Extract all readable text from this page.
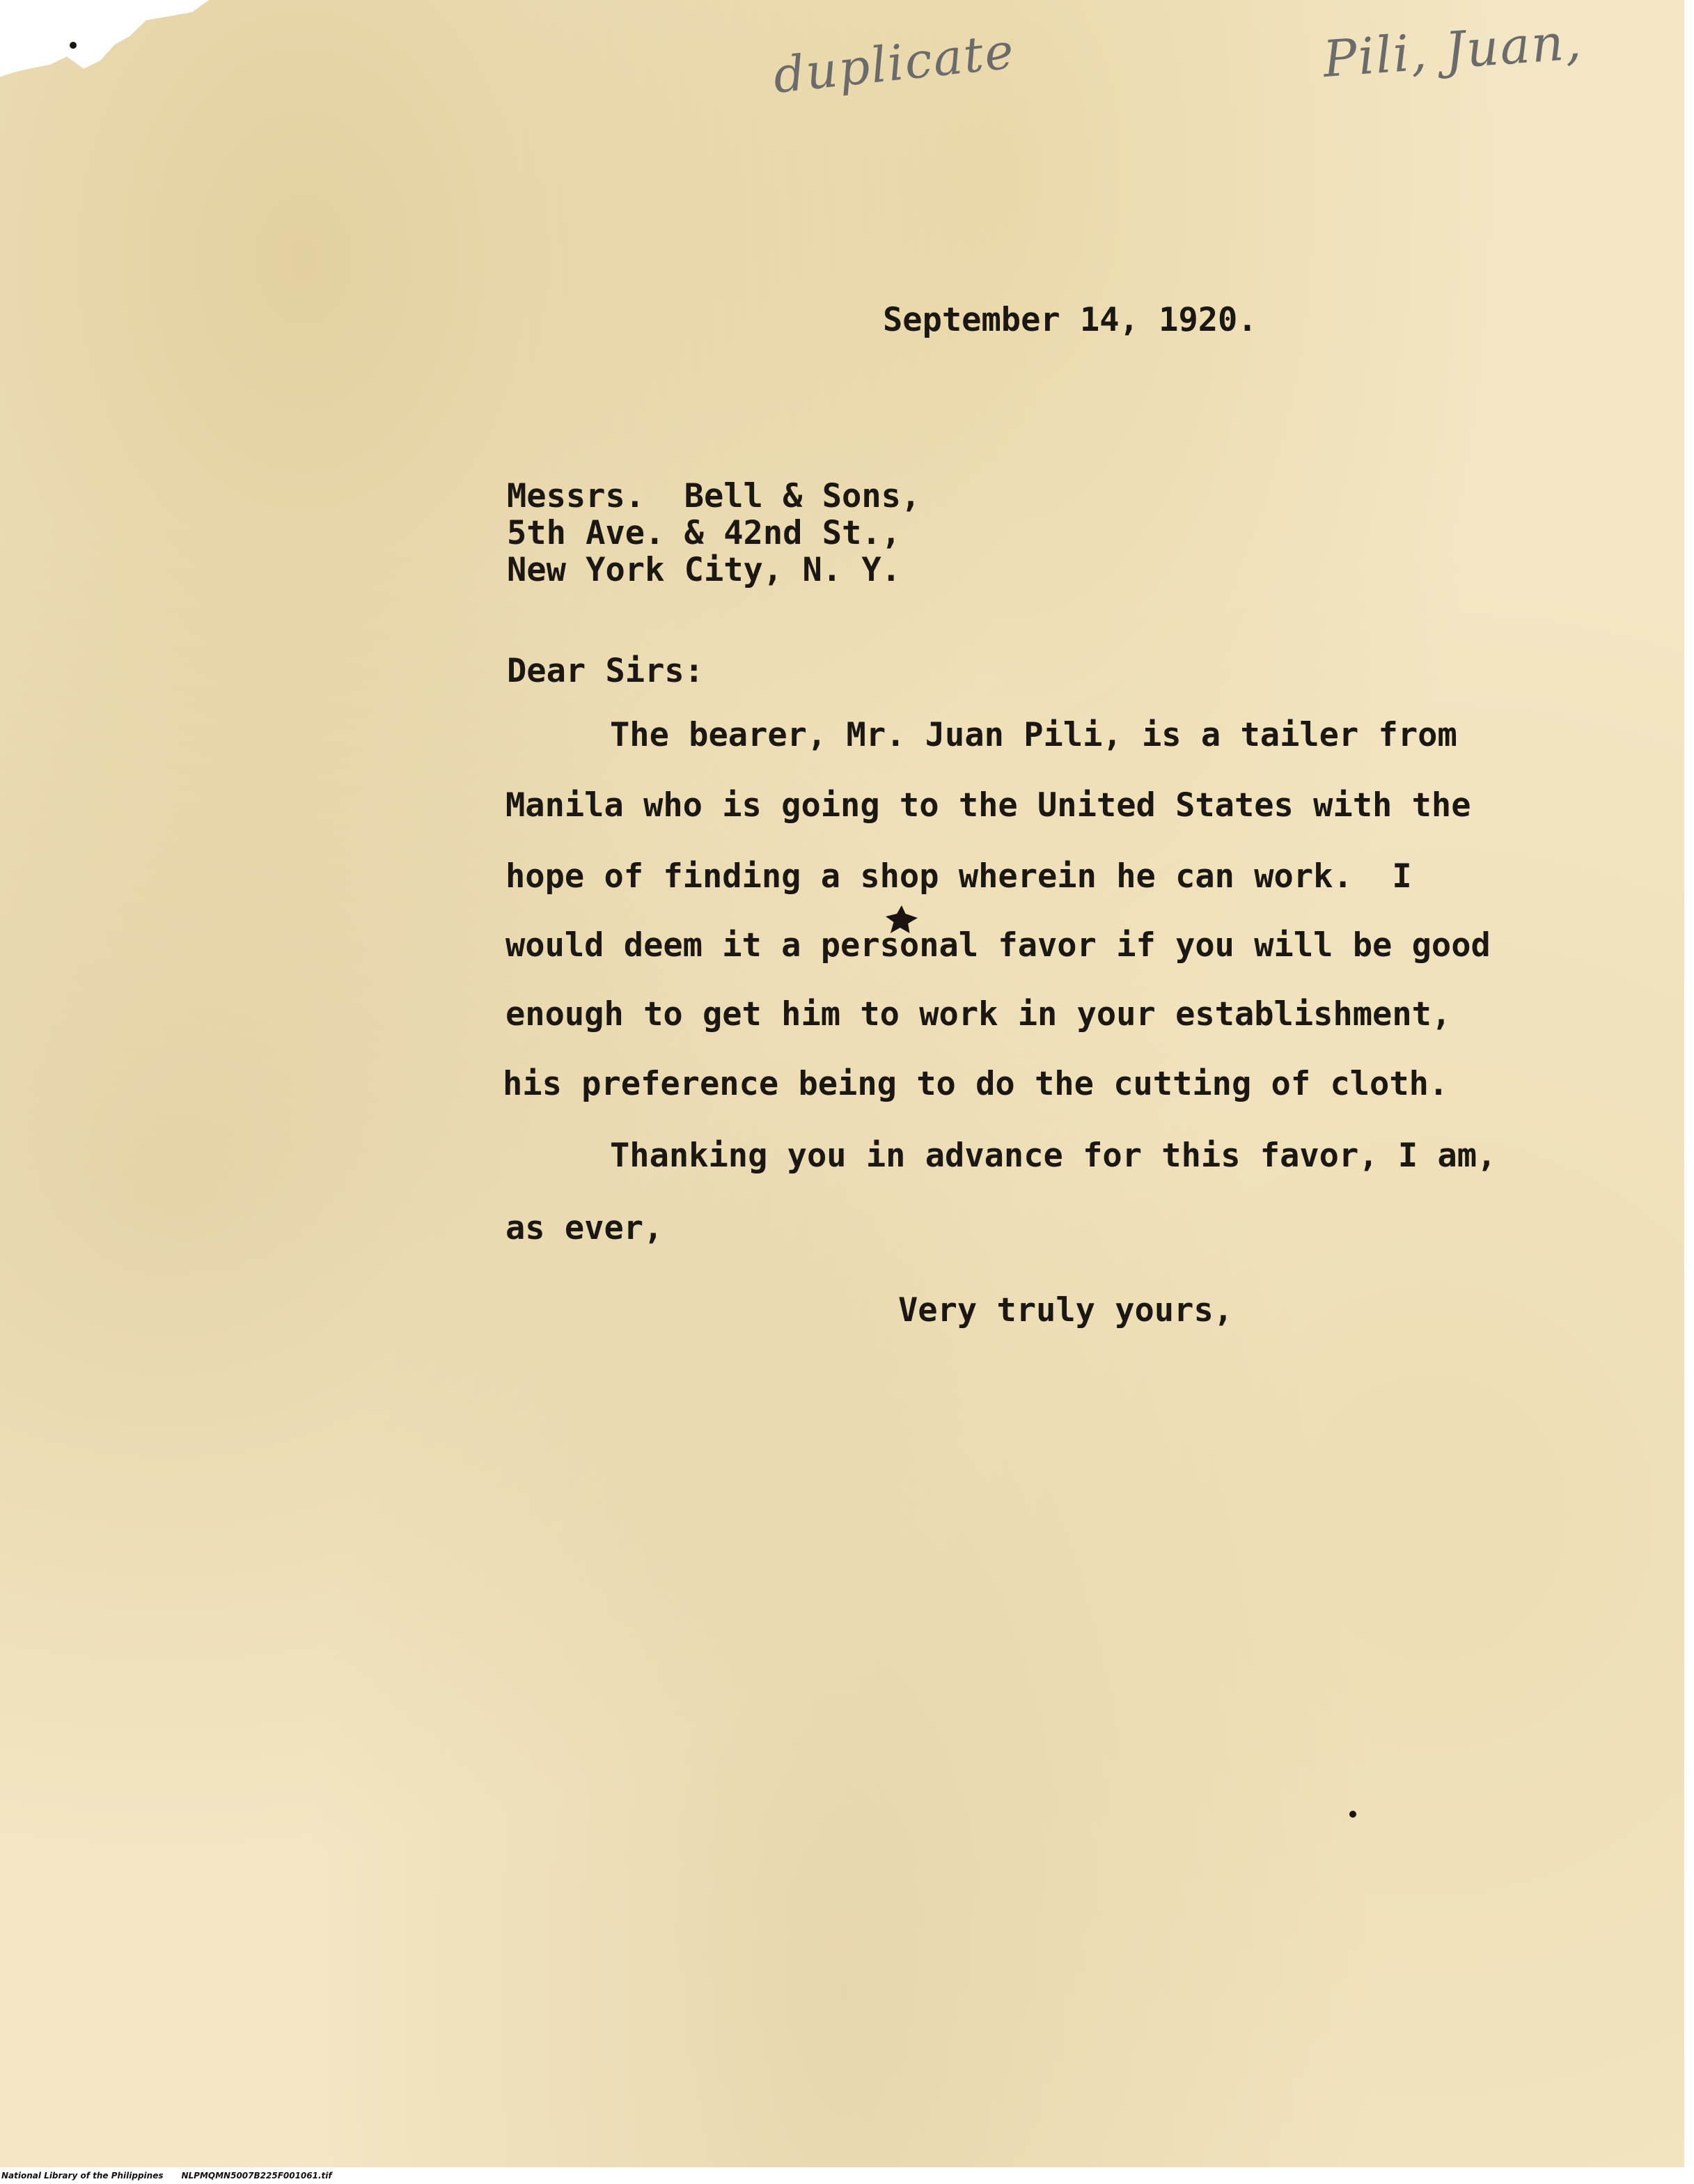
duplicate	Pili, Juan,
September 14, 1920.
Messrs.  Bell & Sons,
5th Ave. & 42nd St.,
New York City, N. Y.
Dear Sirs:
The bearer, Mr. Juan Pili, is a tailer from
Manila who is going to the United States with the
hope of finding a shop wherein he can work.  I
would deem it a personal favor if you will be good
enough to get him to work in your establishment,
his preference being to do the cutting of cloth.
Thanking you in advance for this favor, I am,
as ever,
Very truly yours,
National Library of the Philippines NLPMQMN5007B225F001061.tif
